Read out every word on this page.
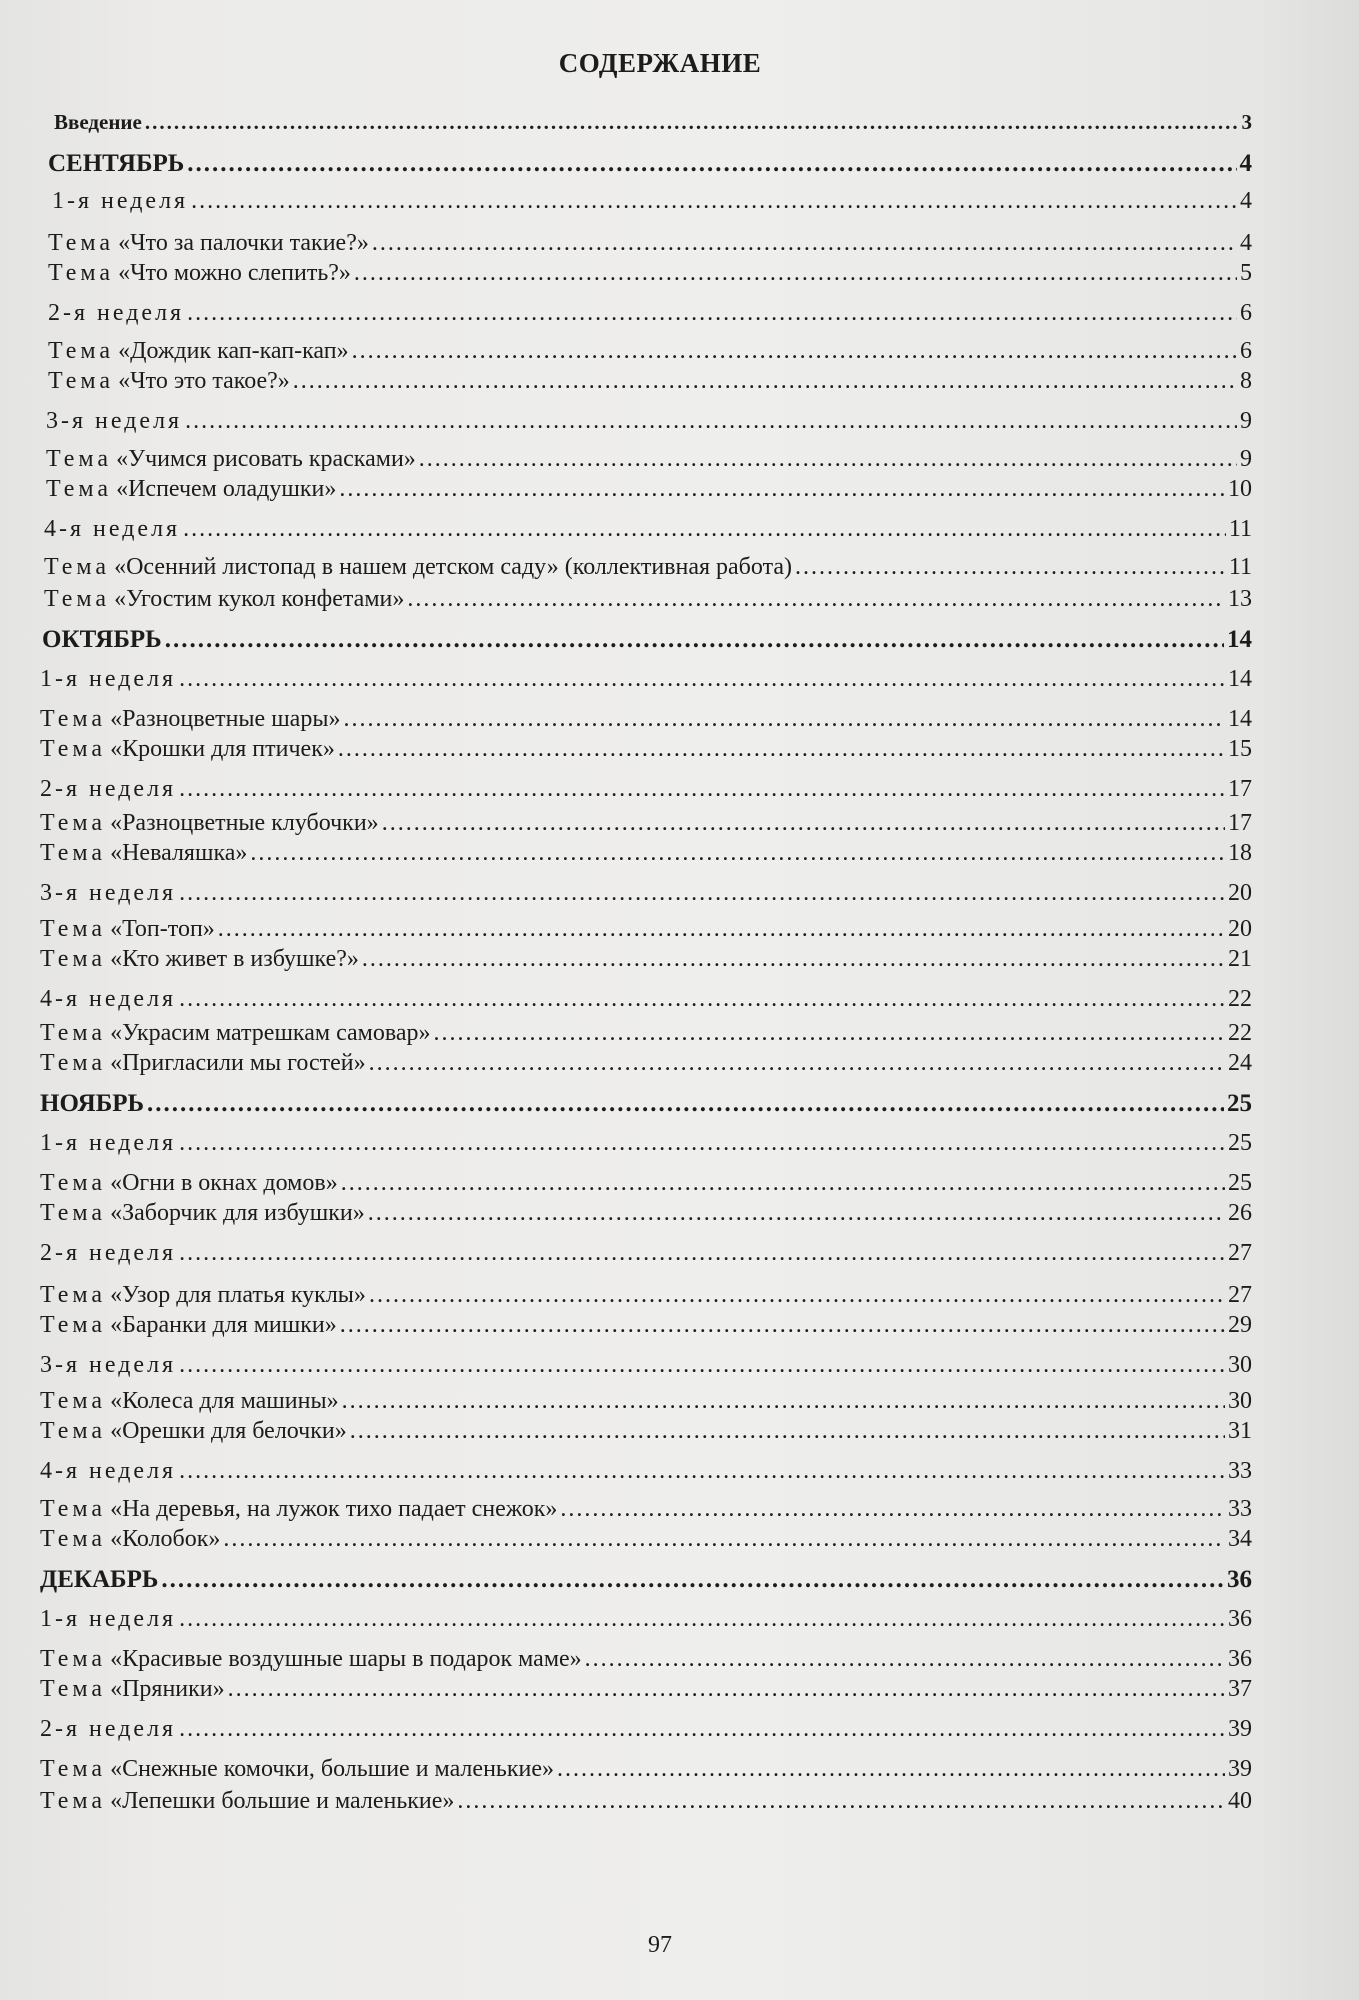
СОДЕРЖАНИЕ
Введение .....	3
СЕНТЯБРЬ .....	4
1-я неделя .....	4
Тема «Что за палочки такие?» .....	4
Тема «Что можно слепить?» .....	5
2-я неделя .....	6
Тема «Дождик кап-кап-кап» .....	6
Тема «Что это такое?» .....	8
3-я неделя .....	9
Тема «Учимся рисовать красками» .....	9
Тема «Испечем оладушки» .....	10
4-я неделя .....	11
Тема «Осенний листопад в нашем детском саду» (коллективная работа) .....	11
Тема «Угостим кукол конфетами» .....	13
ОКТЯБРЬ .....	14
1-я неделя .....	14
Тема «Разноцветные шары» .....	14
Тема «Крошки для птичек» .....	15
2-я неделя .....	17
Тема «Разноцветные клубочки» .....	17
Тема «Неваляшка» .....	18
3-я неделя .....	20
Тема «Топ-топ» .....	20
Тема «Кто живет в избушке?» .....	21
4-я неделя .....	22
Тема «Украсим матрешкам самовар» .....	22
Тема «Пригласили мы гостей» .....	24
НОЯБРЬ .....	25
1-я неделя .....	25
Тема «Огни в окнах домов» .....	25
Тема «Заборчик для избушки» .....	26
2-я неделя .....	27
Тема «Узор для платья куклы» .....	27
Тема «Баранки для мишки» .....	29
3-я неделя .....	30
Тема «Колеса для машины» .....	30
Тема «Орешки для белочки» .....	31
4-я неделя .....	33
Тема «На деревья, на лужок тихо падает снежок» .....	33
Тема «Колобок» .....	34
ДЕКАБРЬ .....	36
1-я неделя .....	36
Тема «Красивые воздушные шары в подарок маме» .....	36
Тема «Пряники» .....	37
2-я неделя .....	39
Тема «Снежные комочки, большие и маленькие» .....	39
Тема «Лепешки большие и маленькие» .....	40
97
